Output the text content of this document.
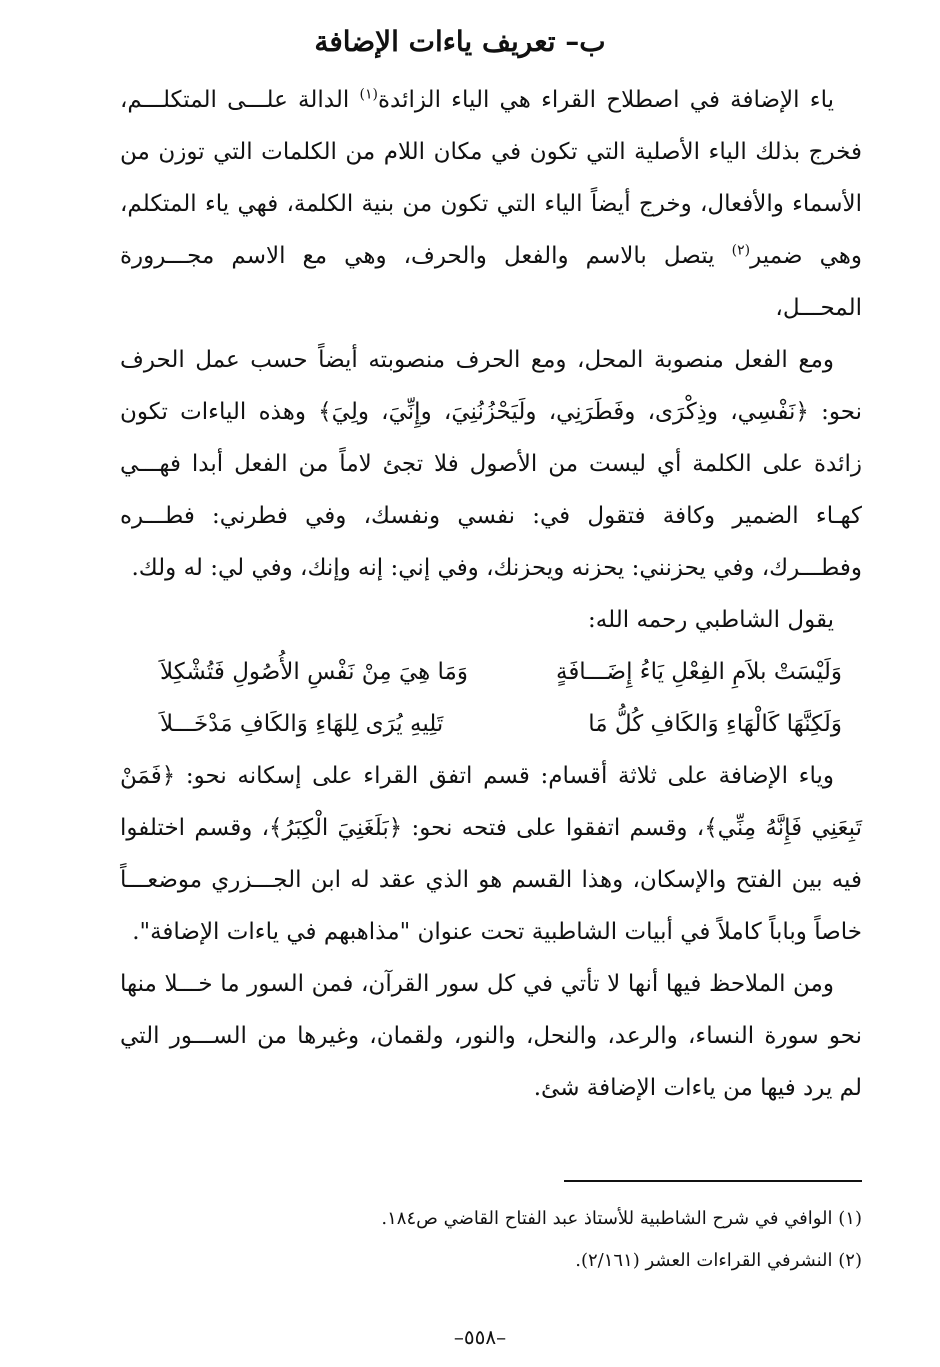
ب– تعريف ياءات الإضافة

ياء الإضافة في اصطلاح القراء هي الياء الزائدة$^{(١)}$ الدالة علـــى المتكلـــم، فخرج بذلك الياء الأصلية التي تكون في مكان اللام من الكلمات التي توزن من الأسماء والأفعال، وخرج أيضاً الياء التي تكون من بنية الكلمة، فهي ياء المتكلم، وهي ضمير$^{(٢)}$ يتصل بالاسم والفعل والحرف، وهي مع الاسم مجـــرورة المحـــل،

ومع الفعل منصوبة المحل، ومع الحرف منصوبته أيضاً حسب عمل الحرف نحو: ﴿نَفْسِي، وذِكْرَى، وفَطَرَنِي، ولَيَحْزُنُنِيَ، وإِنِّيَ، ولِيَ﴾ وهذه الياءات تكون زائدة على الكلمة أي ليست من الأصول فلا تجئ لاماً من الفعل أبدا فهـــي كهـاء الضمير وكافة فتقول في: نفسي ونفسك، وفي فطرني: فطـــره وفطـــرك، وفي يحزنني: يحزنه ويحزنك، وفي إني: إنه وإنك، وفي لي: له ولك.

يقول الشاطبي رحمه الله:

وَلَيْسَتْ بلاَمِ الفِعْلِ يَاءُ إِضَـــافَةٍ
وَمَا هِيَ مِنْ نَفْسِ الأُصُولِ فَتُشْكِلاَ
وَلَكِنَّهَا كَالْهَاءِ وَالكَافِ كُلُّ مَا
تَلِيهِ يُرَى لِلهَاءِ وَالكَافِ مَدْخَـــلاَ

وياء الإضافة على ثلاثة أقسام: قسم اتفق القراء على إسكانه نحو: ﴿فَمَنْ تَبِعَنِي فَإِنَّهُ مِنِّي﴾، وقسم اتفقوا على فتحه نحو: ﴿بَلَغَنِيَ الْكِبَرُ﴾، وقسم اختلفوا فيه بين الفتح والإسكان، وهذا القسم هو الذي عقد له ابن الجـــزري موضعـــاً خاصاً وباباً كاملاً في أبيات الشاطبية تحت عنوان "مذاهبهم في ياءات الإضافة".

ومن الملاحظ فيها أنها لا تأتي في كل سور القرآن، فمن السور ما خـــلا منها نحو سورة النساء، والرعد، والنحل، والنور، ولقمان، وغيرها من الســـور التي لم يرد فيها من ياءات الإضافة شئ.

(١) الوافي في شرح الشاطبية للأستاذ عبد الفتاح القاضي ص١٨٤.

(٢) النشرفي القراءات العشر (٢/١٦١).

–٥٥٨–
